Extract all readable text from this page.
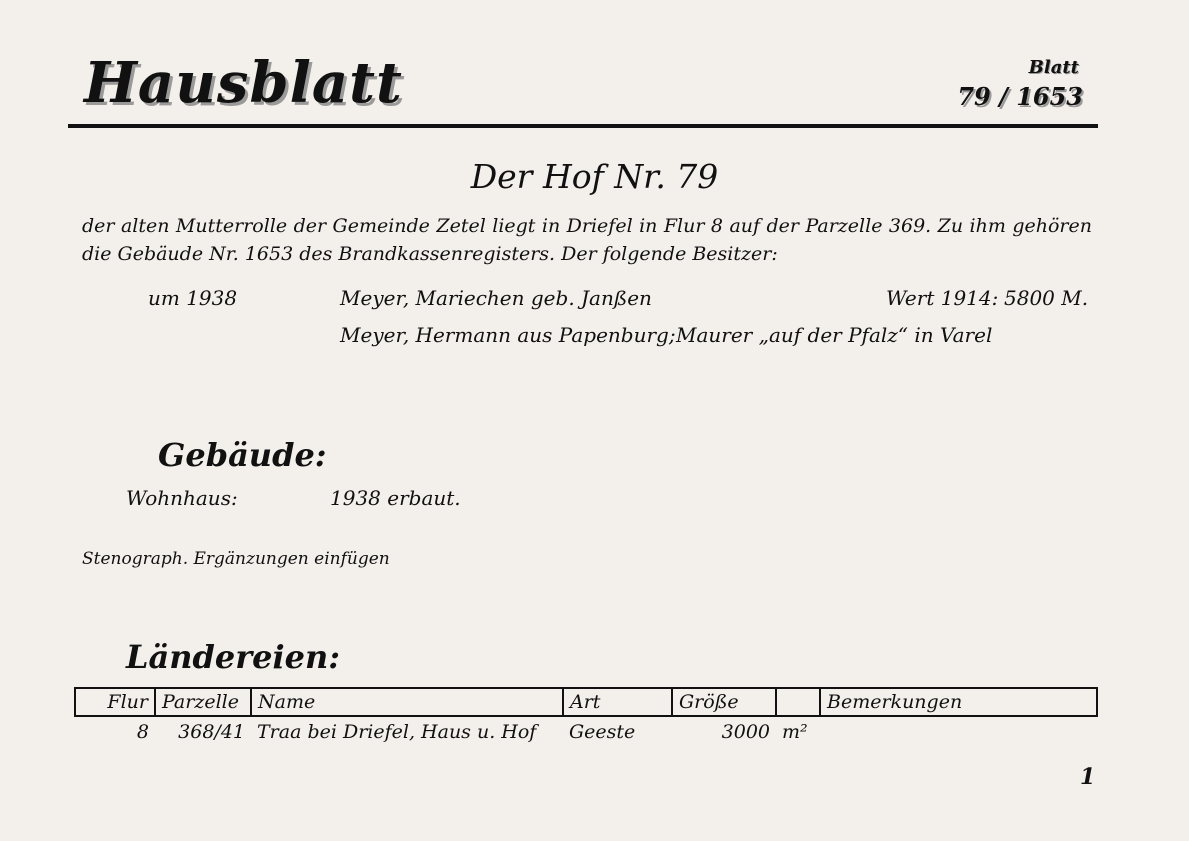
Hausblatt	Blatt
79 / 1653
Der Hof Nr. 79
der alten Mutterrolle der Gemeinde Zetel liegt in Driefel in Flur 8 auf der Parzelle 369. Zu ihm gehören die Gebäude Nr. 1653 des Brandkassenregisters. Der folgende Besitzer:
um 1938	Meyer, Mariechen geb. Janßen	Wert 1914: 5800 M.
Meyer, Hermann aus Papenburg; Maurer „auf der Pfalz“ in Varel
Gebäude:
Wohnhaus:	1938 erbaut.
Stenograph. Ergänzungen einfügen
Ländereien:
Flur	Parzelle	Name	Art	Größe		Bemerkungen
8	368/41	Traa bei Driefel, Haus u. Hof	Geeste	3000	m²	
1
